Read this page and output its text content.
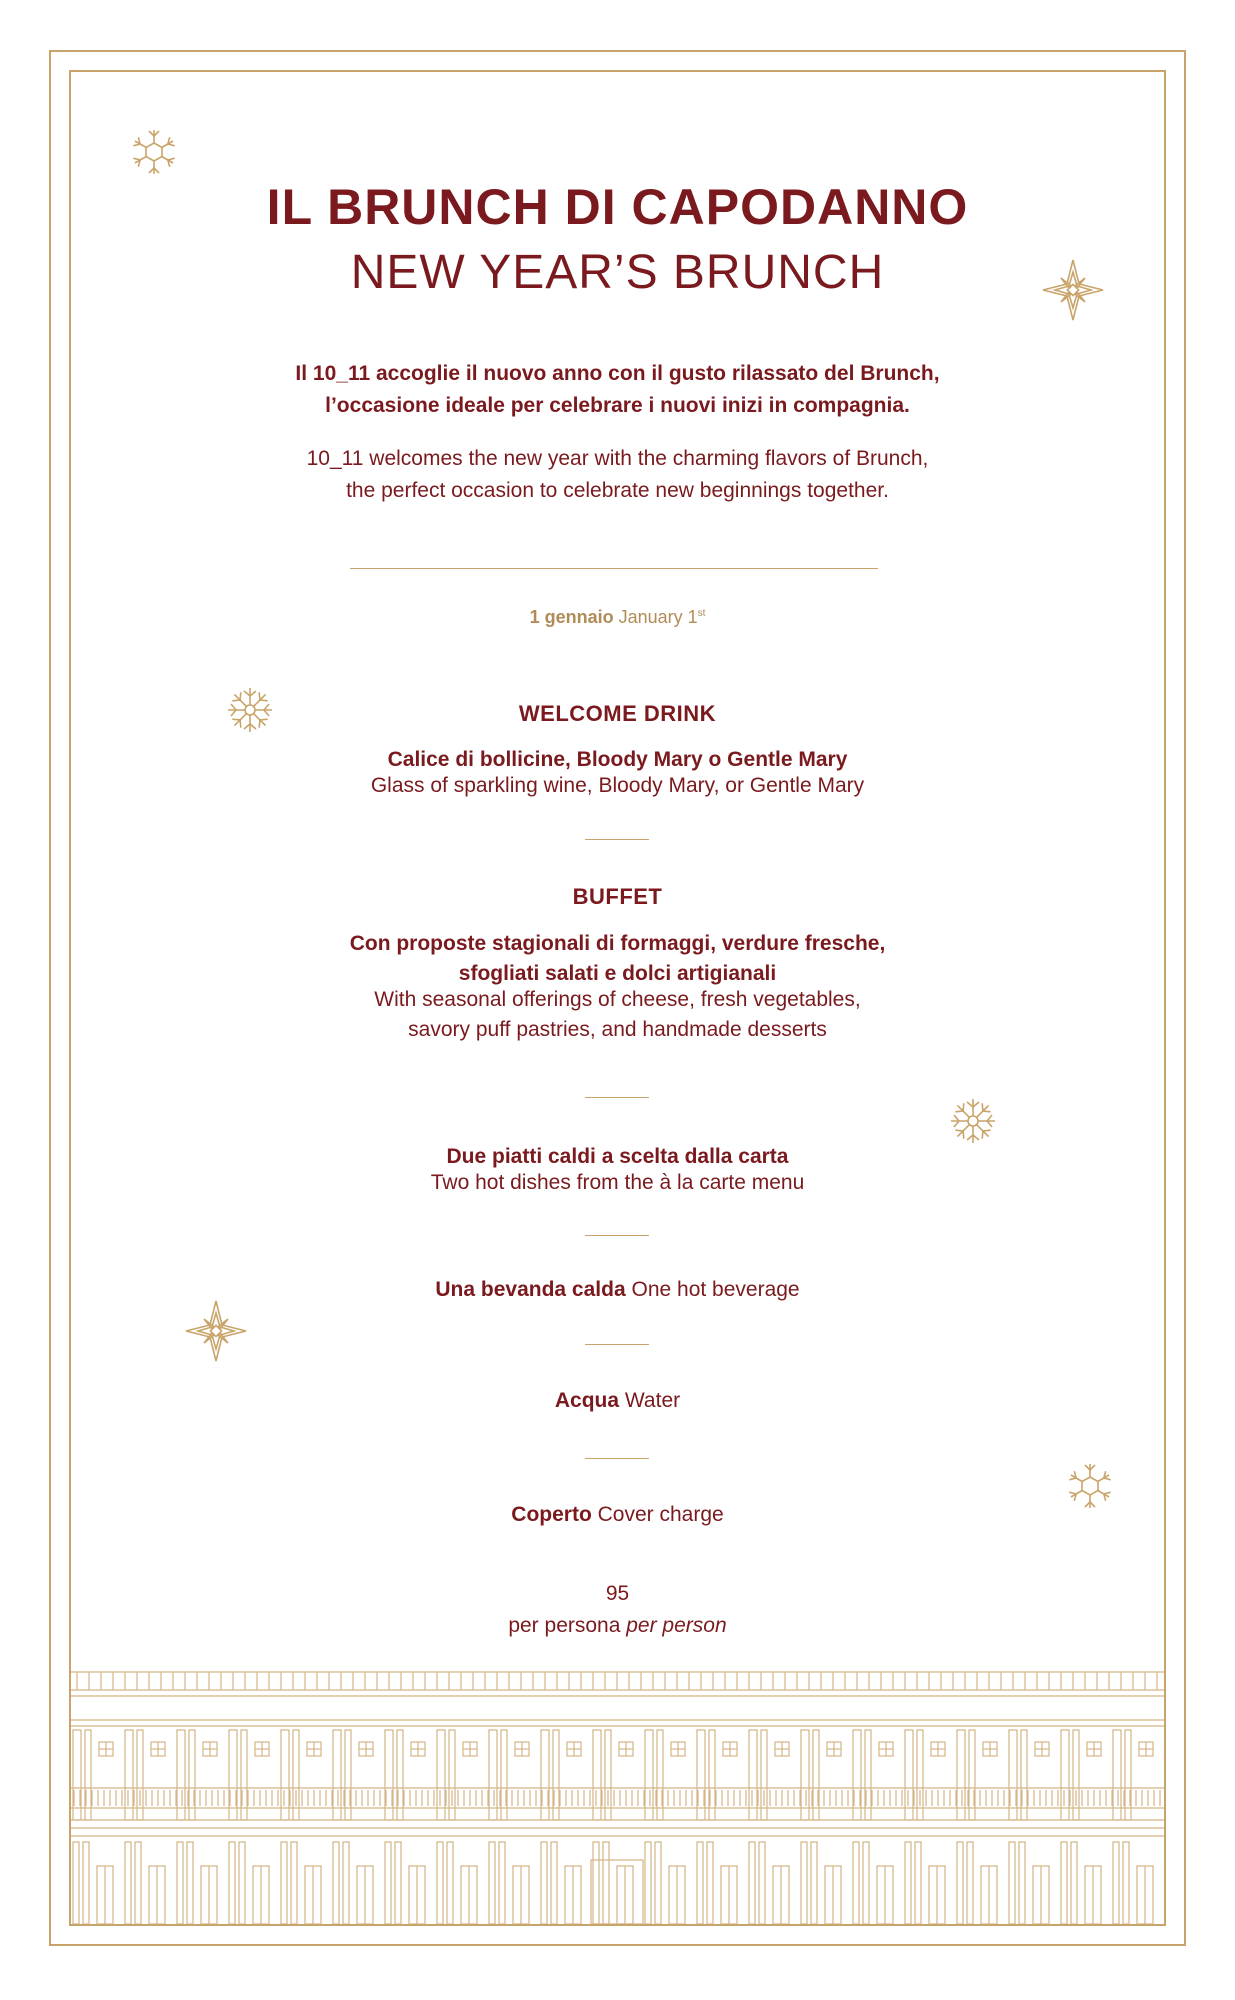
IL BRUNCH DI CAPODANNO
NEW YEAR’S BRUNCH
Il 10_11 accoglie il nuovo anno con il gusto rilassato del Brunch,
l’occasione ideale per celebrare i nuovi inizi in compagnia.
10_11 welcomes the new year with the charming flavors of Brunch,
the perfect occasion to celebrate new beginnings together.
1 gennaio January 1st
WELCOME DRINK
Calice di bollicine, Bloody Mary o Gentle Mary
Glass of sparkling wine, Bloody Mary, or Gentle Mary
BUFFET
Con proposte stagionali di formaggi, verdure fresche,
sfogliati salati e dolci artigianali
With seasonal offerings of cheese, fresh vegetables,
savory puff pastries, and handmade desserts
Due piatti caldi a scelta dalla carta
Two hot dishes from the à la carte menu
Una bevanda calda One hot beverage
Acqua Water
Coperto Cover charge
95
per persona per person
